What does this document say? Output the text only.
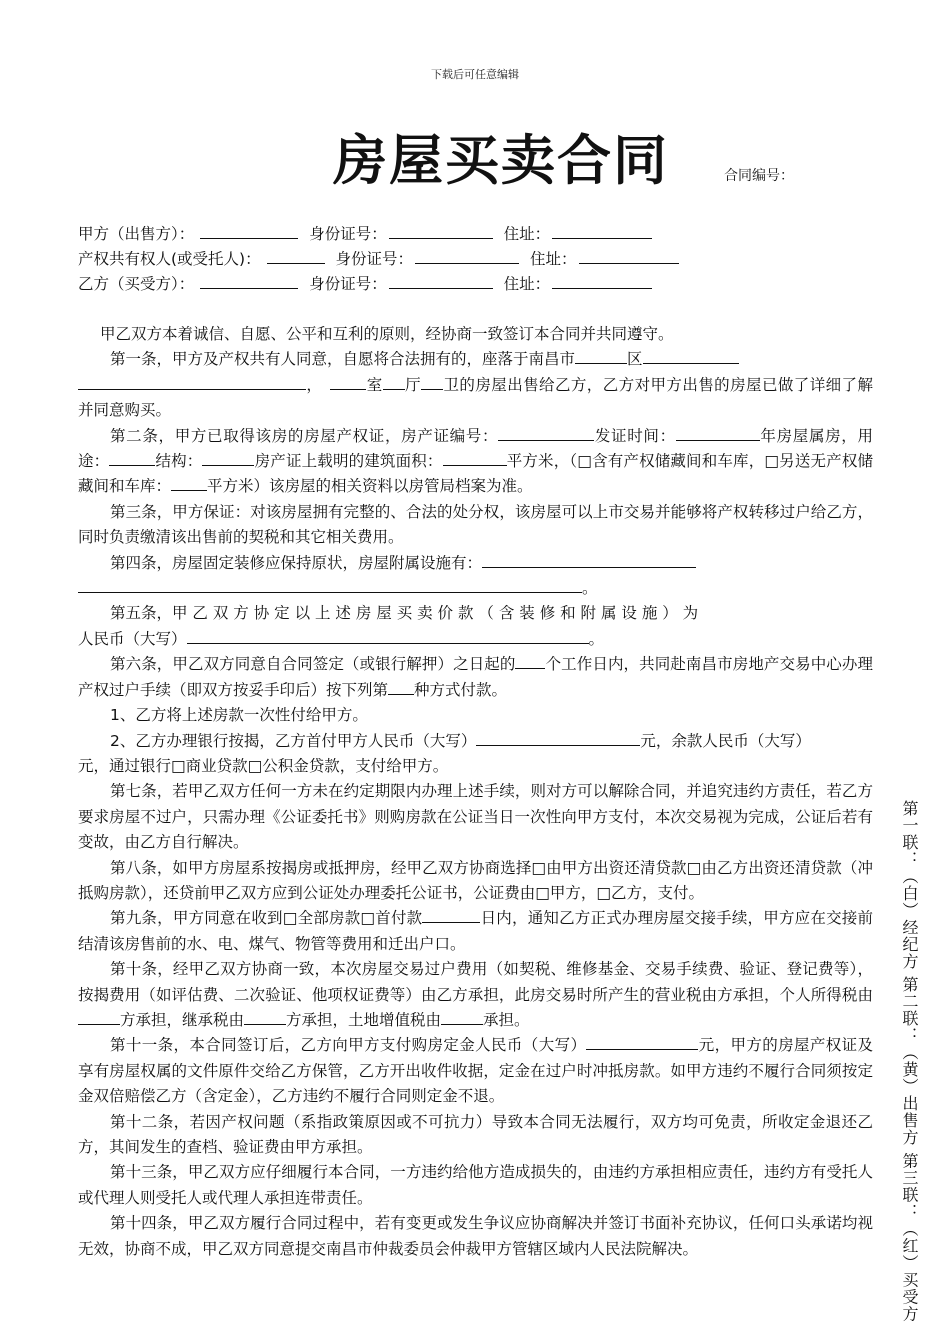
下载后可任意编辑
房屋买卖合同	合同编号：
甲方（出售方）：	身份证号：	住址：
产权共有权人(或受托人)：	身份证号：	住址：
乙方（买受方）：	身份证号：	住址：

甲乙双方本着诚信、自愿、公平和互利的原则，经协商一致签订本合同并共同遵守。

第一条，甲方及产权共有人同意，自愿将合法拥有的，座落于南昌市	区
，	室 厅 卫的房屋出售给乙方，乙方对甲方出售的房屋已做了详细了解并同意购买。

第二条，甲方已取得该房的房屋产权证，房产证编号：	发证时间：	年房屋属房，用途：	结构：	房产证上载明的建筑面积：	平方米，（□含有产权储藏间和车库，□另送无产权储藏间和车库： 平方米）该房屋的相关资料以房管局档案为准。

第三条，甲方保证：对该房屋拥有完整的、合法的处分权，该房屋可以上市交易并能够将产权转移过户给乙方，同时负责缴清该出售前的契税和其它相关费用。

第四条，房屋固定装修应保持原状，房屋附属设施有：
。

第五条，甲 乙 双 方 协 定 以 上 述 房 屋 买 卖 价 款 （ 含 装 修 和 附 属 设 施 ） 为
人民币（大写）	。

第六条，甲乙双方同意自合同签定（或银行解押）之日起的 个工作日内，共同赴南昌市房地产交易中心办理产权过户手续（即双方按妥手印后）按下列第 种方式付款。

1、乙方将上述房款一次性付给甲方。

2、乙方办理银行按揭，乙方首付甲方人民币（大写）	元，余款人民币（大写）
元，通过银行□商业贷款□公积金贷款，支付给甲方。

第七条，若甲乙双方任何一方未在约定期限内办理上述手续，则对方可以解除合同，并追究违约方责任，若乙方要求房屋不过户，只需办理《公证委托书》则购房款在公证当日一次性向甲方支付，本次交易视为完成，公证后若有变故，由乙方自行解决。

第八条，如甲方房屋系按揭房或抵押房，经甲乙双方协商选择□由甲方出资还清贷款□由乙方出资还清贷款（冲抵购房款），还贷前甲乙双方应到公证处办理委托公证书，公证费由□甲方，□乙方，支付。

第九条，甲方同意在收到□全部房款□首付款	日内，通知乙方正式办理房屋交接手续，甲方应在交接前结清该房售前的水、电、煤气、物管等费用和迁出户口。

第十条，经甲乙双方协商一致，本次房屋交易过户费用（如契税、维修基金、交易手续费、验证、登记费等），按揭费用（如评估费、二次验证、他项权证费等）由乙方承担，此房交易时所产生的营业税由方承担，个人所得税由方承担，继承税由	方承担，土地增值税由	承担。

第十一条，本合同签订后，乙方向甲方支付购房定金人民币（大写）	元，甲方的房屋产权证及享有房屋权属的文件原件交给乙方保管，乙方开出收件收据，定金在过户时冲抵房款。如甲方违约不履行合同须按定金双倍赔偿乙方（含定金），乙方违约不履行合同则定金不退。

第十二条，若因产权问题（系指政策原因或不可抗力）导致本合同无法履行，双方均可免责，所收定金退还乙方，其间发生的查档、验证费由甲方承担。

第十三条，甲乙双方应仔细履行本合同，一方违约给他方造成损失的，由违约方承担相应责任，违约方有受托人或代理人则受托人或代理人承担连带责任。

第十四条，甲乙双方履行合同过程中，若有变更或发生争议应协商解决并签订书面补充协议，任何口头承诺均视无效，协商不成，甲乙双方同意提交南昌市仲裁委员会仲裁甲方管辖区域内人民法院解决。	第一联：（白）经纪方 第二联：（黄）出售方 第三联：（红）买受方
